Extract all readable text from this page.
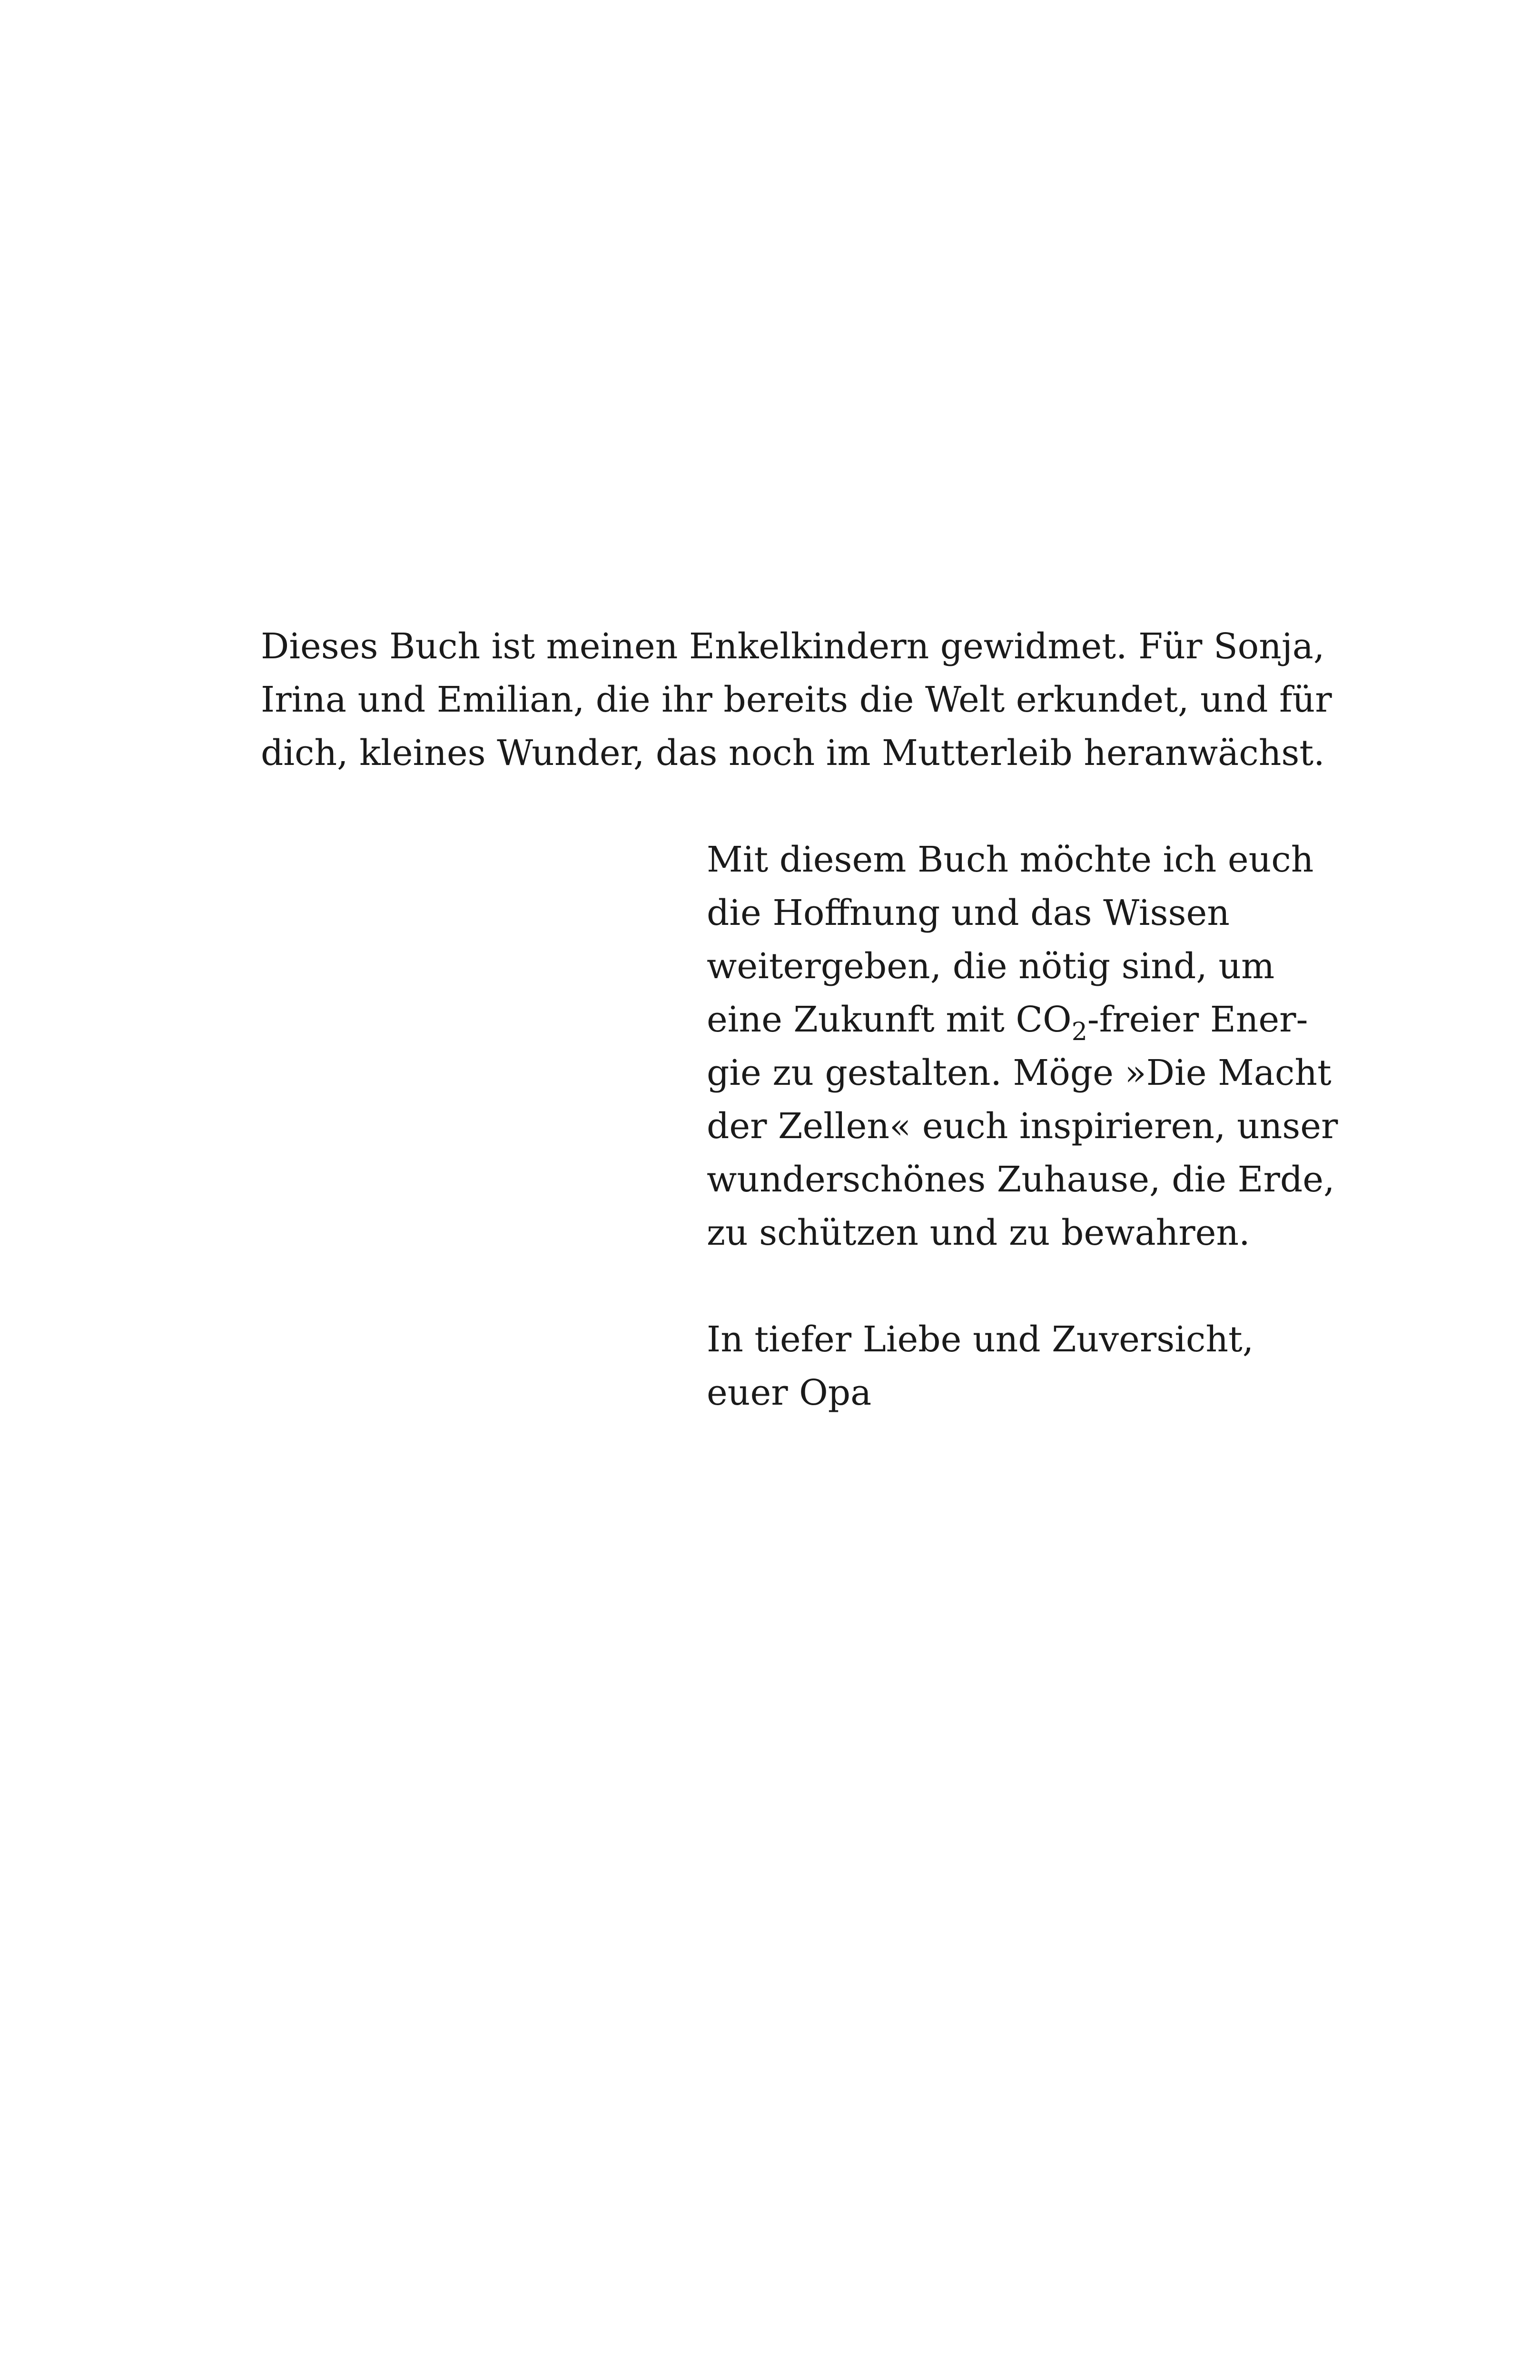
Dieses Buch ist meinen Enkelkindern gewidmet. Für Sonja,
Irina und Emilian, die ihr bereits die Welt erkundet, und für
dich, kleines Wunder, das noch im Mutterleib heranwächst.
Mit diesem Buch möchte ich euch
die Hoffnung und das Wissen
weitergeben, die nötig sind, um
eine Zukunft mit $CO_2$-freier Ener-
gie zu gestalten. Möge »Die Macht
der Zellen« euch inspirieren, unser
wunderschönes Zuhause, die Erde,
zu schützen und zu bewahren.
In tiefer Liebe und Zuversicht,
euer Opa
